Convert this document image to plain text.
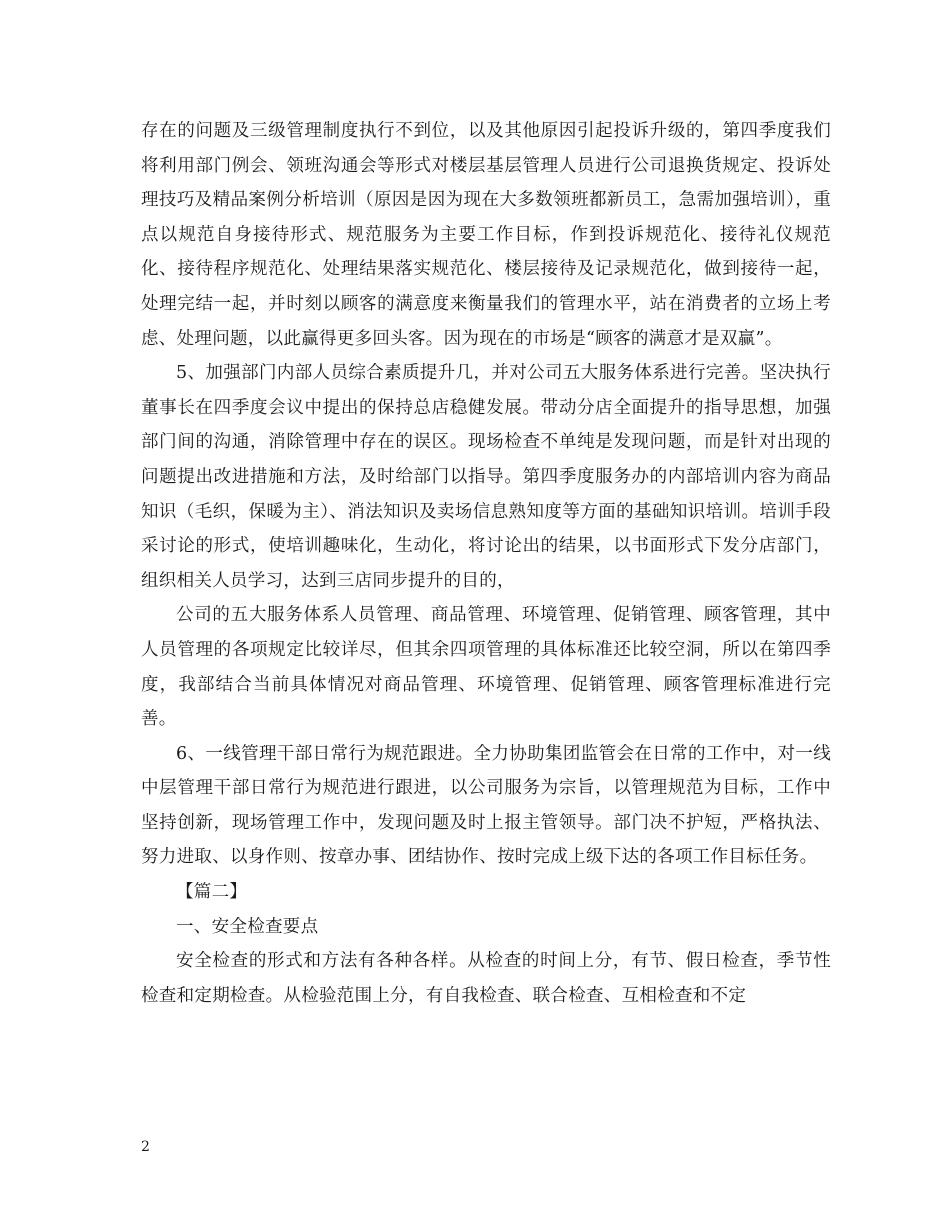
存在的问题及三级管理制度执行不到位，以及其他原因引起投诉升级的，第四季度我们将利用部门例会、领班沟通会等形式对楼层基层管理人员进行公司退换货规定、投诉处理技巧及精品案例分析培训（原因是因为现在大多数领班都新员工，急需加强培训），重点以规范自身接待形式、规范服务为主要工作目标，作到投诉规范化、接待礼仪规范化、接待程序规范化、处理结果落实规范化、楼层接待及记录规范化，做到接待一起，处理完结一起，并时刻以顾客的满意度来衡量我们的管理水平，站在消费者的立场上考虑、处理问题，以此赢得更多回头客。因为现在的市场是“顾客的满意才是双赢”。

5、加强部门内部人员综合素质提升几，并对公司五大服务体系进行完善。坚决执行董事长在四季度会议中提出的保持总店稳健发展。带动分店全面提升的指导思想，加强部门间的沟通，消除管理中存在的误区。现场检查不单纯是发现问题，而是针对出现的问题提出改进措施和方法，及时给部门以指导。第四季度服务办的内部培训内容为商品知识（毛织，保暖为主）、消法知识及卖场信息熟知度等方面的基础知识培训。培训手段采讨论的形式，使培训趣味化，生动化，将讨论出的结果，以书面形式下发分店部门，组织相关人员学习，达到三店同步提升的目的，

公司的五大服务体系人员管理、商品管理、环境管理、促销管理、顾客管理，其中人员管理的各项规定比较详尽，但其余四项管理的具体标准还比较空洞，所以在第四季度，我部结合当前具体情况对商品管理、环境管理、促销管理、顾客管理标准进行完善。

6、一线管理干部日常行为规范跟进。全力协助集团监管会在日常的工作中，对一线中层管理干部日常行为规范进行跟进，以公司服务为宗旨，以管理规范为目标，工作中坚持创新，现场管理工作中，发现问题及时上报主管领导。部门决不护短，严格执法、努力进取、以身作则、按章办事、团结协作、按时完成上级下达的各项工作目标任务。

【篇二】

一、安全检查要点

安全检查的形式和方法有各种各样。从检查的时间上分，有节、假日检查，季节性检查和定期检查。从检验范围上分，有自我检查、联合检查、互相检查和不定

2
